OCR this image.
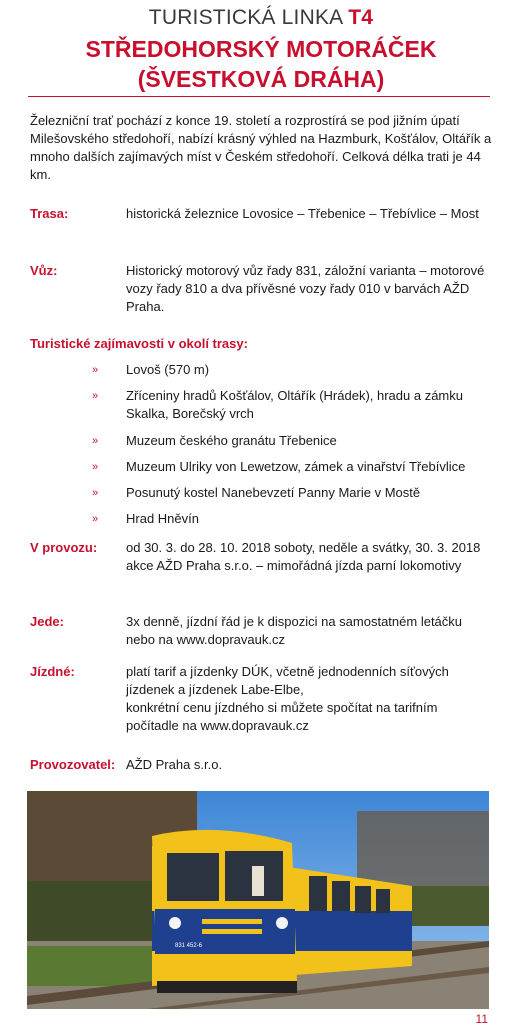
TURISTICKÁ LINKA T4
STŘEDOHORSKÝ MOTORÁČEK
(ŠVESTKOVÁ DRÁHA)
Železniční trať pochází z konce 19. století a rozprostírá se pod jižním úpatí Milešovského středohoří, nabízí krásný výhled na Hazmburk, Košťálov, Oltářík a mnoho dalších zajímavých míst v Českém středohoří. Celková délka trati je 44 km.
Trasa:	historická železnice Lovosice – Třebenice – Třebívlice – Most
Vůz:	Historický motorový vůz řady 831, záložní varianta – motorové vozy řady 810 a dva přívěsné vozy řady 010 v barvách AŽD Praha.
Turistické zajímavosti v okolí trasy:
» Lovoš (570 m)
» Zříceniny hradů Košťálov, Oltářík (Hrádek), hradu a zámku Skalka, Borečský vrch
» Muzeum českého granátu Třebenice
» Muzeum Ulriky von Lewetzow, zámek a vinařství Třebívlice
» Posunutý kostel Nanebevzetí Panny Marie v Mostě
» Hrad Hněvín
V provozu: od 30. 3. do 28. 10. 2018 soboty, neděle a svátky, 30. 3. 2018 akce AŽD Praha s.r.o. – mimořádná jízda parní lokomotivy
Jede:	3x denně, jízdní řád je k dispozici na samostatném letáčku nebo na www.dopravauk.cz
Jízdné:	platí tarif a jízdenky DÚK, včetně jednodenních síťových jízdenek a jízdenek Labe-Elbe,
konkrétní cenu jízdného si můžete spočítat na tarifním počítadle na www.dopravauk.cz
Provozovatel: AŽD Praha s.r.o.
831 452-6
11
